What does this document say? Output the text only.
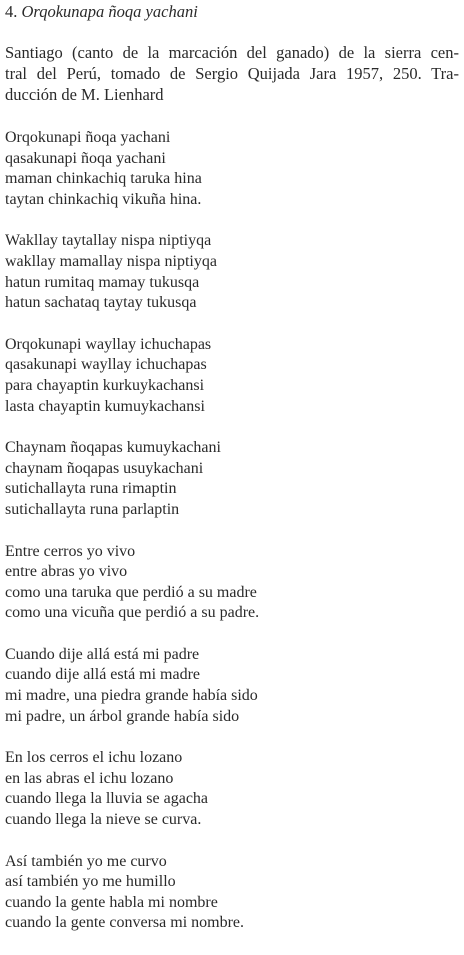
4. Orqokunapa ñoqa yachani

Santiago (canto de la marcación del ganado) de la sierra cen-
tral del Perú, tomado de Sergio Quijada Jara 1957, 250. Tra-
ducción de M. Lienhard

Orqokunapi ñoqa yachani
qasakunapi ñoqa yachani
maman chinkachiq taruka hina
taytan chinkachiq vikuña hina.
Wakllay taytallay nispa niptiyqa
wakllay mamallay nispa niptiyqa
hatun rumitaq mamay tukusqa
hatun sachataq taytay tukusqa
Orqokunapi wayllay ichuchapas
qasakunapi wayllay ichuchapas
para chayaptin kurkuykachansi
lasta chayaptin kumuykachansi
Chaynam ñoqapas kumuykachani
chaynam ñoqapas usuykachani
sutichallayta runa rimaptin
sutichallayta runa parlaptin
Entre cerros yo vivo
entre abras yo vivo
como una taruka que perdió a su madre
como una vicuña que perdió a su padre.
Cuando dije allá está mi padre
cuando dije allá está mi madre
mi madre, una piedra grande había sido
mi padre, un árbol grande había sido
En los cerros el ichu lozano
en las abras el ichu lozano
cuando llega la lluvia se agacha
cuando llega la nieve se curva.
Así también yo me curvo
así también yo me humillo
cuando la gente habla mi nombre
cuando la gente conversa mi nombre.
